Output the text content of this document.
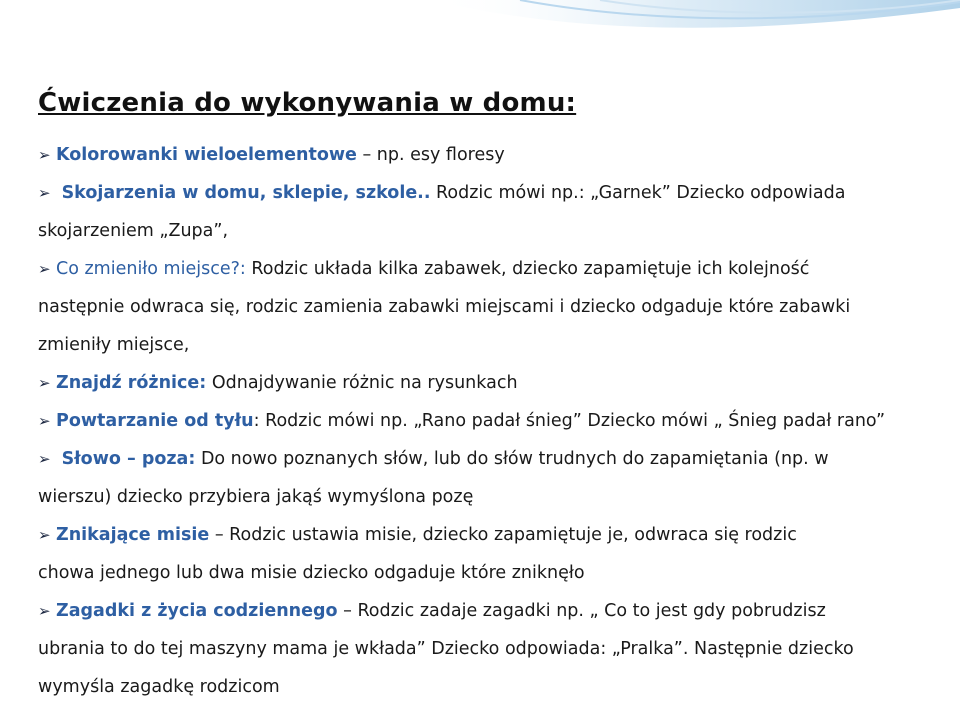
Ćwiczenia do wykonywania w domu:
➢ Kolorowanki wieloelementowe – np. esy floresy
➢ Skojarzenia w domu, sklepie, szkole.. Rodzic mówi np.: „Garnek” Dziecko odpowiada
skojarzeniem „Zupa”,
➢ Co zmieniło miejsce?: Rodzic układa kilka zabawek, dziecko zapamiętuje ich kolejność
następnie odwraca się, rodzic zamienia zabawki miejscami i dziecko odgaduje które zabawki
zmieniły miejsce,
➢ Znajdź różnice: Odnajdywanie różnic na rysunkach
➢ Powtarzanie od tyłu: Rodzic mówi np. „Rano padał śnieg” Dziecko mówi „ Śnieg padał rano”
➢ Słowo – poza: Do nowo poznanych słów, lub do słów trudnych do zapamiętania (np. w
wierszu) dziecko przybiera jakąś wymyślona pozę
➢ Znikające misie – Rodzic ustawia misie, dziecko zapamiętuje je, odwraca się rodzic
chowa jednego lub dwa misie dziecko odgaduje które zniknęło
➢ Zagadki z życia codziennego – Rodzic zadaje zagadki np. „ Co to jest gdy pobrudzisz
ubrania to do tej maszyny mama je wkłada” Dziecko odpowiada: „Pralka”. Następnie dziecko
wymyśla zagadkę rodzicom
